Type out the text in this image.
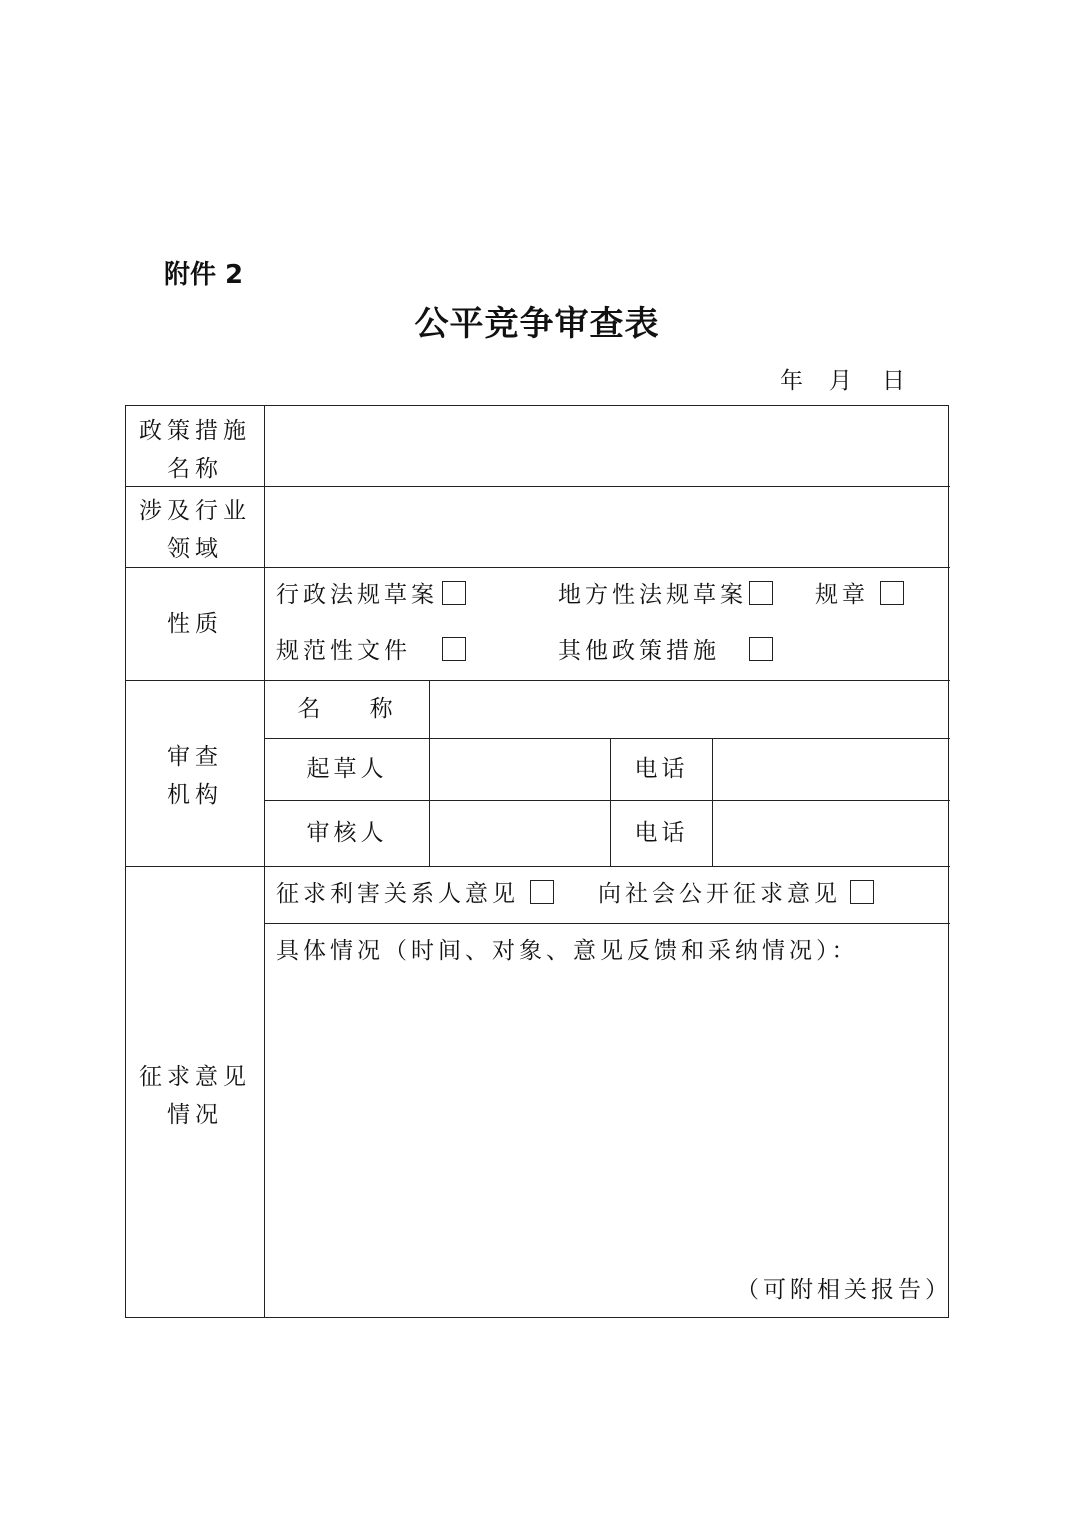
附件 2
公平竞争审查表
年 月 日
政策措施
名称
涉及行业
领域
性质
行政法规草案	地方性法规草案	规章
规范性文件	其他政策措施
审查
机构
名    称
起草人	电话
审核人	电话
征求意见
情况
征求利害关系人意见	向社会公开征求意见
具体情况（时间、对象、意见反馈和采纳情况）：
（可附相关报告）
